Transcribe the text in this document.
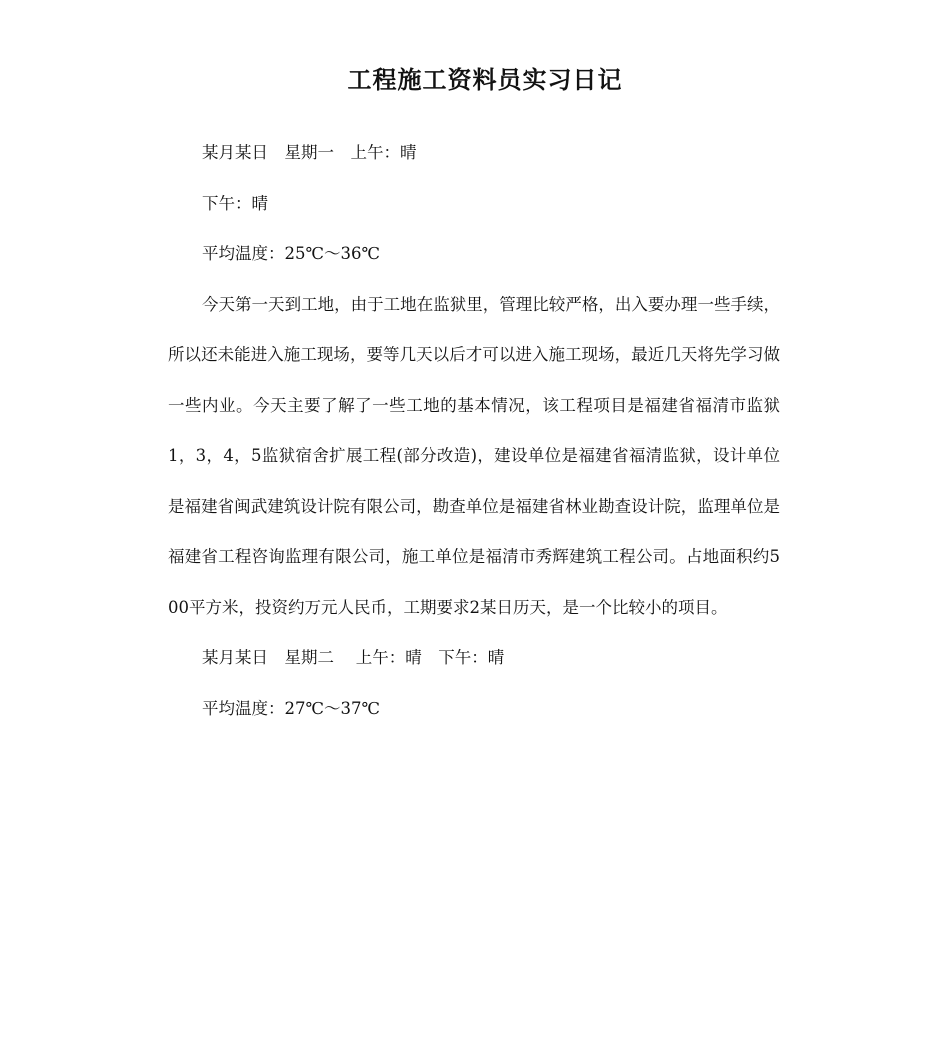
工程施工资料员实习日记

某月某日　星期一　上午：晴

下午：晴

平均温度：25℃～36℃

今天第一天到工地，由于工地在监狱里，管理比较严格，出入要办理一些手续，所以还未能进入施工现场，要等几天以后才可以进入施工现场，最近几天将先学习做一些内业。今天主要了解了一些工地的基本情况，该工程项目是福建省福清市监狱1，3，4，5监狱宿舍扩展工程(部分改造)，建设单位是福建省福清监狱，设计单位是福建省闽武建筑设计院有限公司，勘查单位是福建省林业勘查设计院，监理单位是福建省工程咨询监理有限公司，施工单位是福清市秀辉建筑工程公司。占地面积约500平方米，投资约万元人民币，工期要求2某日历天，是一个比较小的项目。

某月某日　星期二　 上午：晴　下午：晴

平均温度：27℃～37℃
